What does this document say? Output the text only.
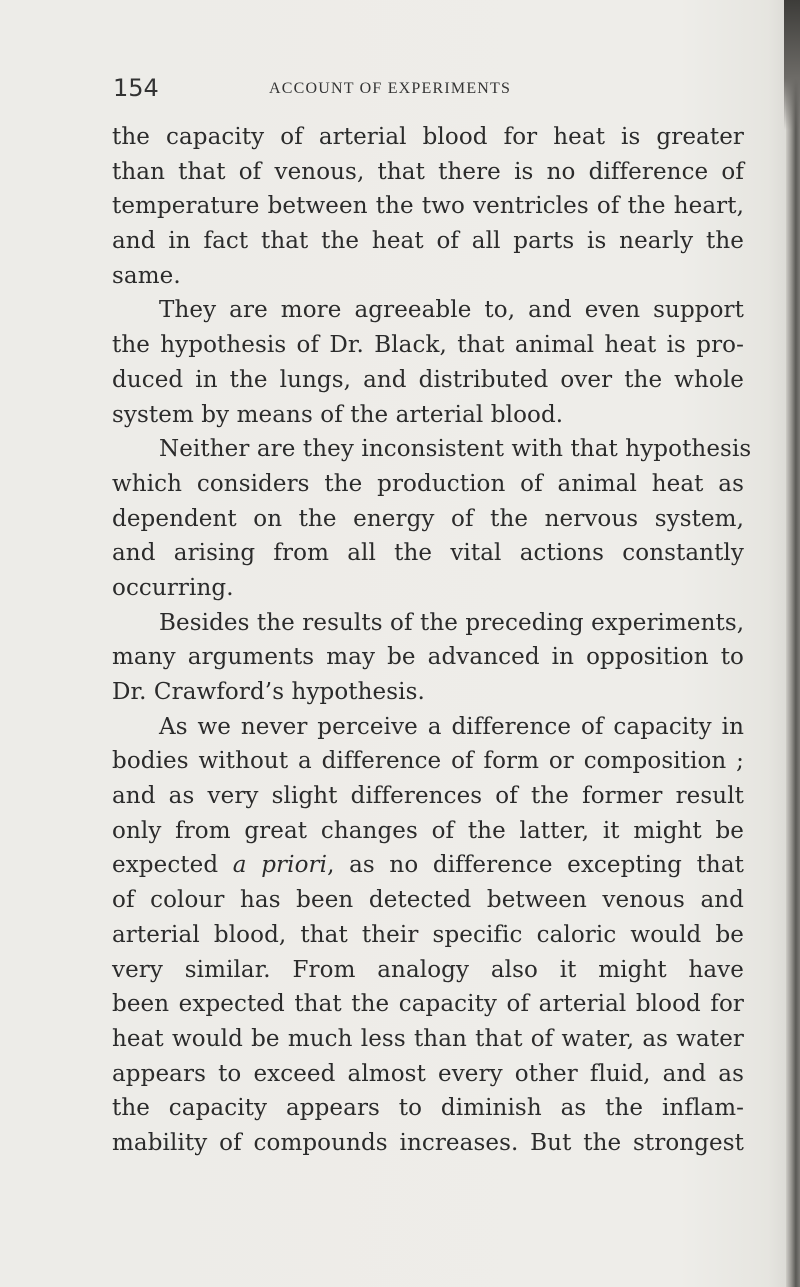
154	ACCOUNT OF EXPERIMENTS
the capacity of arterial blood for heat is greater
than that of venous, that there is no difference of
temperature between the two ventricles of the heart,
and in fact that the heat of all parts is nearly the
same.
They are more agreeable to, and even support
the hypothesis of Dr. Black, that animal heat is pro-
duced in the lungs, and distributed over the whole
system by means of the arterial blood.
Neither are they inconsistent with that hypothesis
which considers the production of animal heat as
dependent on the energy of the nervous system,
and arising from all the vital actions constantly
occurring.
Besides the results of the preceding experiments,
many arguments may be advanced in opposition to
Dr. Crawford’s hypothesis.
As we never perceive a difference of capacity in
bodies without a difference of form or composition ;
and as very slight differences of the former result
only from great changes of the latter, it might be
expected a priori, as no difference excepting that
of colour has been detected between venous and
arterial blood, that their specific caloric would be
very similar. From analogy also it might have
been expected that the capacity of arterial blood for
heat would be much less than that of water, as water
appears to exceed almost every other fluid, and as
the capacity appears to diminish as the inflam-
mability of compounds increases. But the strongest
